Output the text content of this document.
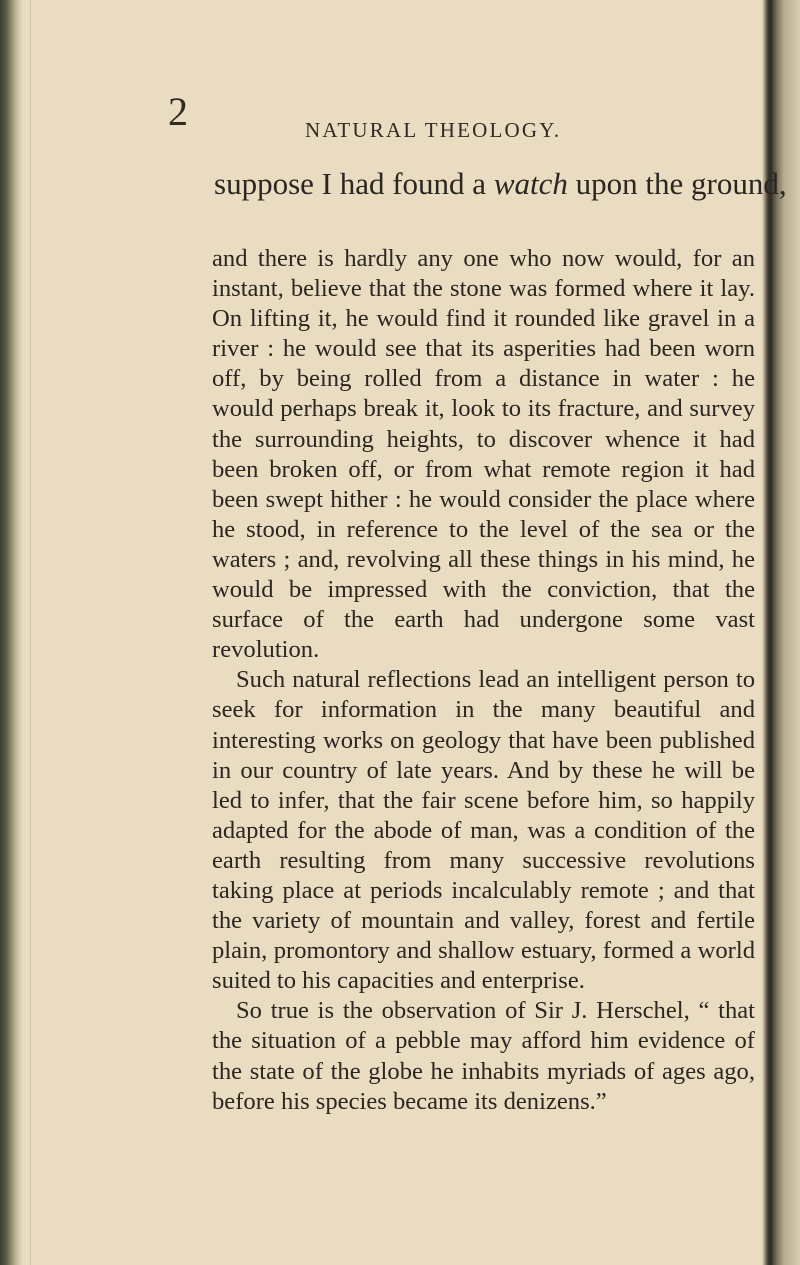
2	NATURAL THEOLOGY.
suppose I had found a watch upon the ground,

and there is hardly any one who now would, for an instant, believe that the stone was formed where it lay. On lifting it, he would find it rounded like gravel in a river : he would see that its asperities had been worn off, by being rolled from a distance in water : he would perhaps break it, look to its fracture, and survey the surrounding heights, to discover whence it had been broken off, or from what remote region it had been swept hither : he would consider the place where he stood, in reference to the level of the sea or the waters ; and, revolving all these things in his mind, he would be impressed with the conviction, that the surface of the earth had undergone some vast revolution.

Such natural reflections lead an intelligent person to seek for information in the many beautiful and interesting works on geology that have been published in our country of late years. And by these he will be led to infer, that the fair scene before him, so happily adapted for the abode of man, was a condition of the earth resulting from many successive revolutions taking place at periods incalculably remote ; and that the variety of mountain and valley, forest and fertile plain, promontory and shallow estuary, formed a world suited to his capacities and enterprise.

So true is the observation of Sir J. Herschel, “ that the situation of a pebble may afford him evidence of the state of the globe he inhabits myriads of ages ago, before his species became its denizens.”
